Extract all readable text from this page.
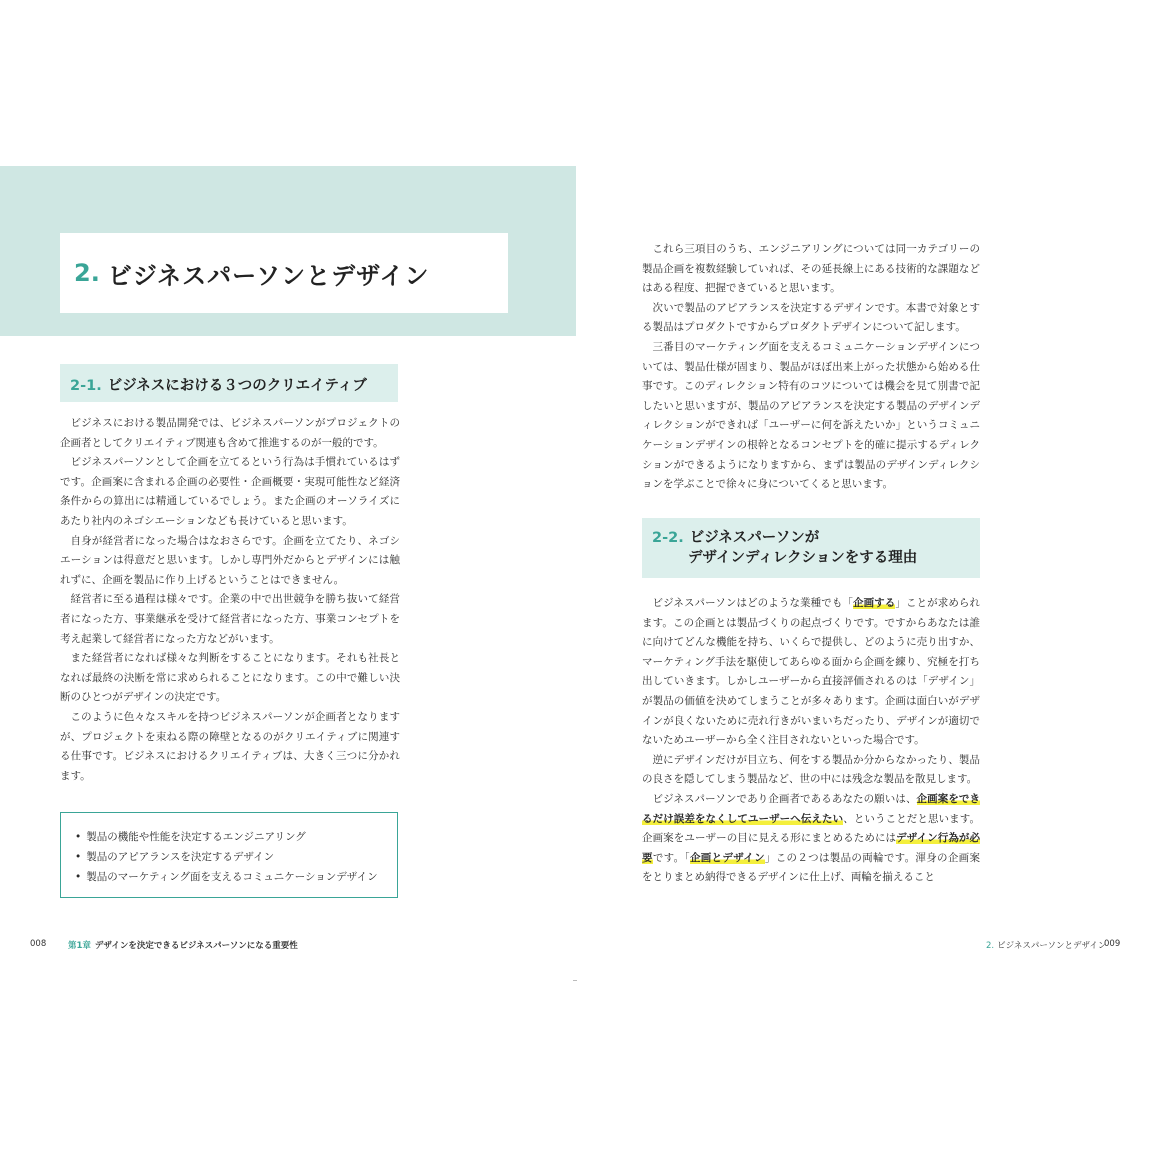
2. ビジネスパーソンとデザイン
2-1. ビジネスにおける３つのクリエイティブ

ビジネスにおける製品開発では、ビジネスパーソンがプロジェクトの企画者としてクリエイティブ関連も含めて推進するのが一般的です。

ビジネスパーソンとして企画を立てるという行為は手慣れているはずです。企画案に含まれる企画の必要性・企画概要・実現可能性など経済条件からの算出には精通しているでしょう。また企画のオーソライズにあたり社内のネゴシエーションなども長けていると思います。

自身が経営者になった場合はなおさらです。企画を立てたり、ネゴシエーションは得意だと思います。しかし専門外だからとデザインには触れずに、企画を製品に作り上げるということはできません。

経営者に至る過程は様々です。企業の中で出世競争を勝ち抜いて経営者になった方、事業継承を受けて経営者になった方、事業コンセプトを考え起業して経営者になった方などがいます。

また経営者になれば様々な判断をすることになります。それも社長となれば最終の決断を常に求められることになります。この中で難しい決断のひとつがデザインの決定です。

このように色々なスキルを持つビジネスパーソンが企画者となりますが、プロジェクトを束ねる際の障壁となるのがクリエイティブに関連する仕事です。ビジネスにおけるクリエイティブは、大きく三つに分かれます。

• 製品の機能や性能を決定するエンジニアリング
• 製品のアピアランスを決定するデザイン
• 製品のマーケティング面を支えるコミュニケーションデザイン

これら三項目のうち、エンジニアリングについては同一カテゴリーの製品企画を複数経験していれば、その延長線上にある技術的な課題などはある程度、把握できていると思います。

次いで製品のアピアランスを決定するデザインです。本書で対象とする製品はプロダクトですからプロダクトデザインについて記します。

三番目のマーケティング面を支えるコミュニケーションデザインについては、製品仕様が固まり、製品がほぼ出来上がった状態から始める仕事です。このディレクション特有のコツについては機会を見て別書で記したいと思いますが、製品のアピアランスを決定する製品のデザインディレクションができれば「ユーザーに何を訴えたいか」というコミュニケーションデザインの根幹となるコンセプトを的確に提示するディレクションができるようになりますから、まずは製品のデザインディレクションを学ぶことで徐々に身についてくると思います。

2-2. ビジネスパーソンが
デザインディレクションをする理由

ビジネスパーソンはどのような業種でも「企画する」ことが求められます。この企画とは製品づくりの起点づくりです。ですからあなたは誰に向けてどんな機能を持ち、いくらで提供し、どのように売り出すか、マーケティング手法を駆使してあらゆる面から企画を練り、究極を打ち出していきます。しかしユーザーから直接評価されるのは「デザイン」が製品の価値を決めてしまうことが多々あります。企画は面白いがデザインが良くないために売れ行きがいまいちだったり、デザインが適切でないためユーザーから全く注目されないといった場合です。

逆にデザインだけが目立ち、何をする製品か分からなかったり、製品の良さを隠してしまう製品など、世の中には残念な製品を散見します。

ビジネスパーソンであり企画者であるあなたの願いは、企画案をできるだけ誤差をなくしてユーザーへ伝えたい、ということだと思います。企画案をユーザーの目に見える形にまとめるためにはデザイン行為が必要です。「企画とデザイン」この２つは製品の両輪です。渾身の企画案をとりまとめ納得できるデザインに仕上げ、両輪を揃えること

008	第1章 デザインを決定できるビジネスパーソンになる重要性	2. ビジネスパーソンとデザイン
009
